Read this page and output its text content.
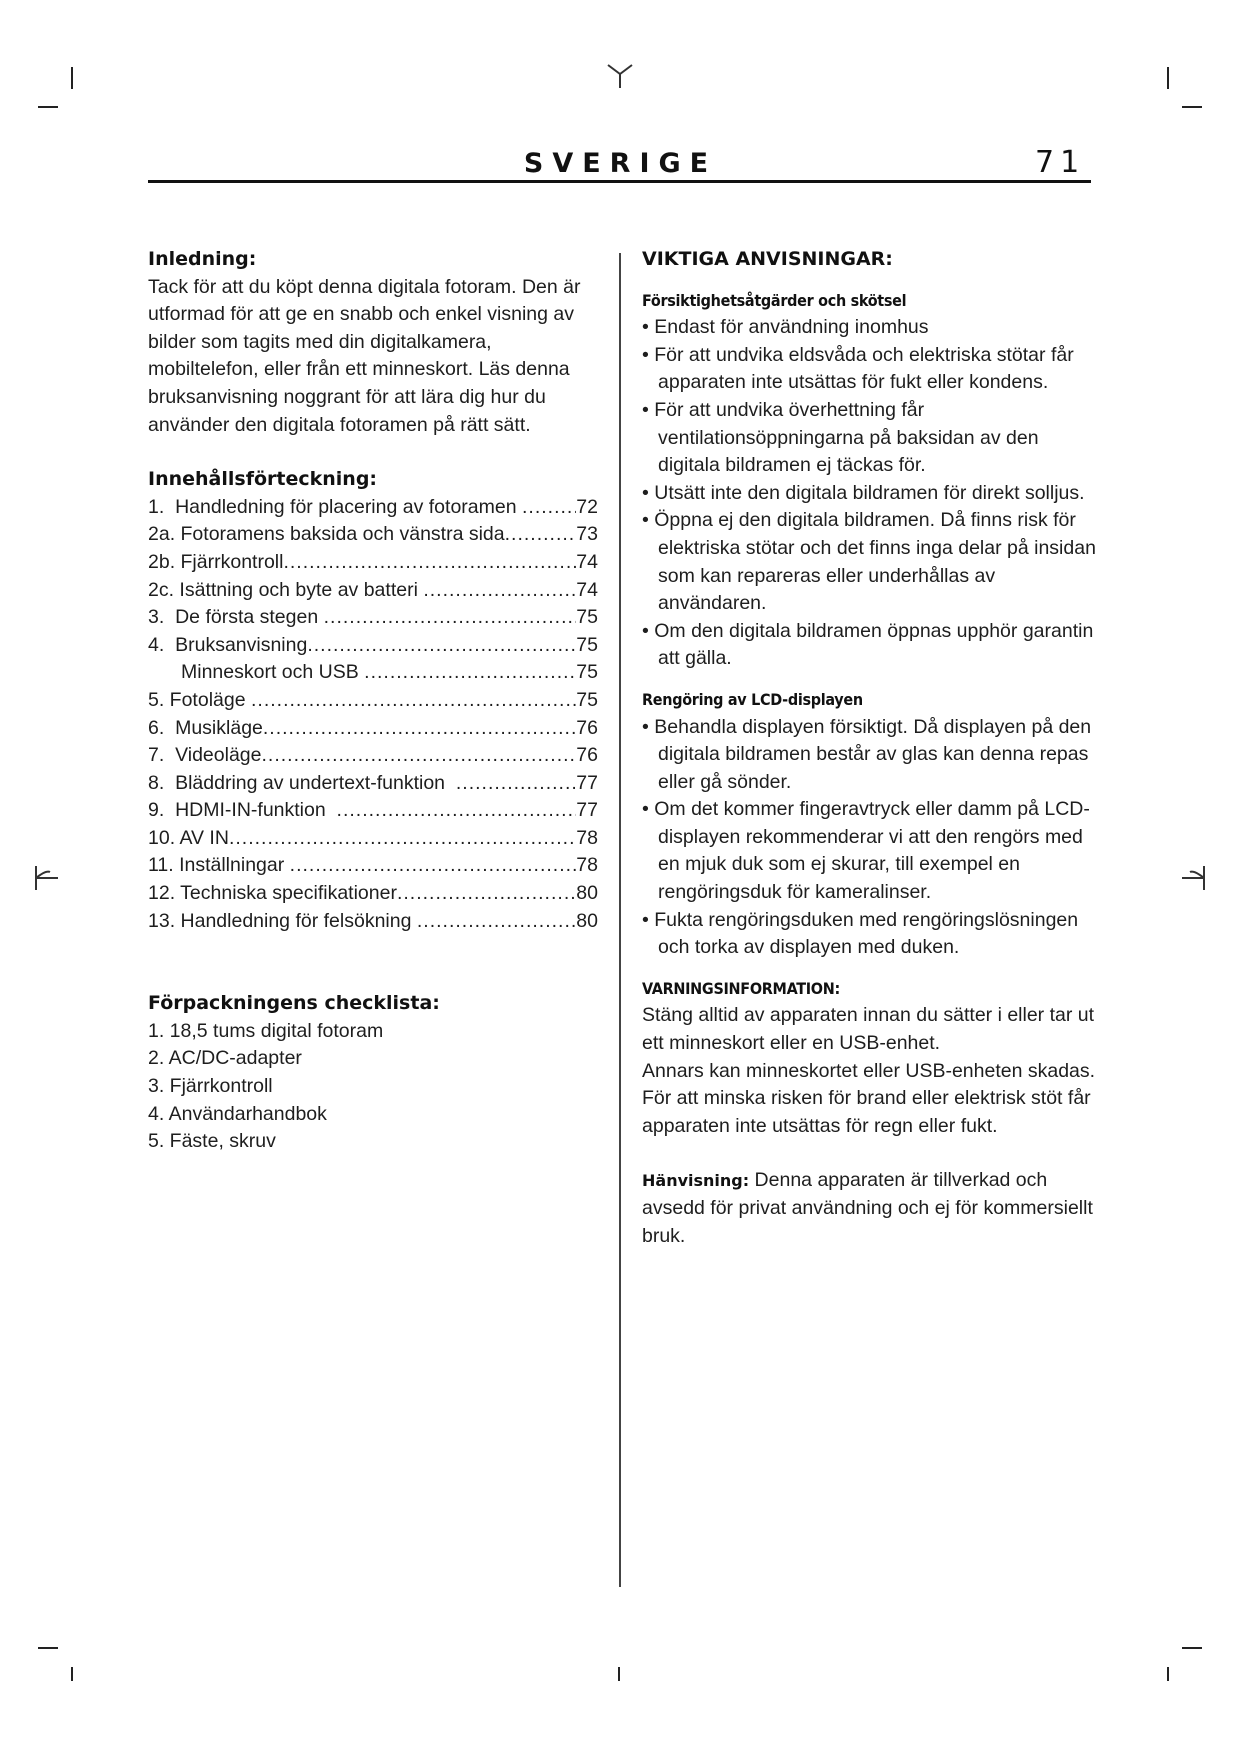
SVERIGE	71
Inledning:

Tack för att du köpt denna digitala fotoram. Den är utformad för att ge en snabb och enkel visning av bilder som tagits med din digitalkamera, mobiltelefon, eller från ett minneskort. Läs denna bruksanvisning noggrant för att lära dig hur du använder den digitala fotoramen på rätt sätt.

Innehållsförteckning:
1.  Handledning för placering av fotoramen .....	72
2a. Fotoramens baksida och vänstra sida .....	73
2b. Fjärrkontroll .....	74
2c. Isättning och byte av batteri .....	74
3.  De första stegen .....	75
4.  Bruksanvisning .....	75
Minneskort och USB .....	75
5. Fotoläge .....	75
6.  Musikläge .....	76
7.  Videoläge .....	76
8.  Bläddring av undertext-funktion .....	77
9.  HDMI-IN-funktion .....	77
10. AV IN .....	78
11. Inställningar .....	78
12. Techniska specifikationer .....	80
13. Handledning för felsökning .....	80
Förpackningens checklista:
1. 18,5 tums digital fotoram
2. AC/DC-adapter
3. Fjärrkontroll
4. Användarhandbok
5. Fäste, skruv
VIKTIGA ANVISNINGAR:
Försiktighetsåtgärder och skötsel
• Endast för användning inomhus
• För att undvika eldsvåda och elektriska stötar får apparaten inte utsättas för fukt eller kondens.
• För att undvika överhettning får ventilationsöppningarna på baksidan av den digitala bildramen ej täckas för.
• Utsätt inte den digitala bildramen för direkt solljus.
• Öppna ej den digitala bildramen. Då finns risk för elektriska stötar och det finns inga delar på insidan som kan repareras eller underhållas av användaren.
• Om den digitala bildramen öppnas upphör garantin att gälla.
Rengöring av LCD-displayen
• Behandla displayen försiktigt. Då displayen på den digitala bildramen består av glas kan denna repas eller gå sönder.
• Om det kommer fingeravtryck eller damm på LCD-displayen rekommenderar vi att den rengörs med en mjuk duk som ej skurar, till exempel en rengöringsduk för kameralinser.
• Fukta rengöringsduken med rengöringslösningen och torka av displayen med duken.
VARNINGSINFORMATION:

Stäng alltid av apparaten innan du sätter i eller tar ut ett minneskort eller en USB-enhet.

Annars kan minneskortet eller USB-enheten skadas. För att minska risken för brand eller elektrisk stöt får apparaten inte utsättas för regn eller fukt.

Hänvisning: Denna apparaten är tillverkad och avsedd för privat användning och ej för kommersiellt bruk.
